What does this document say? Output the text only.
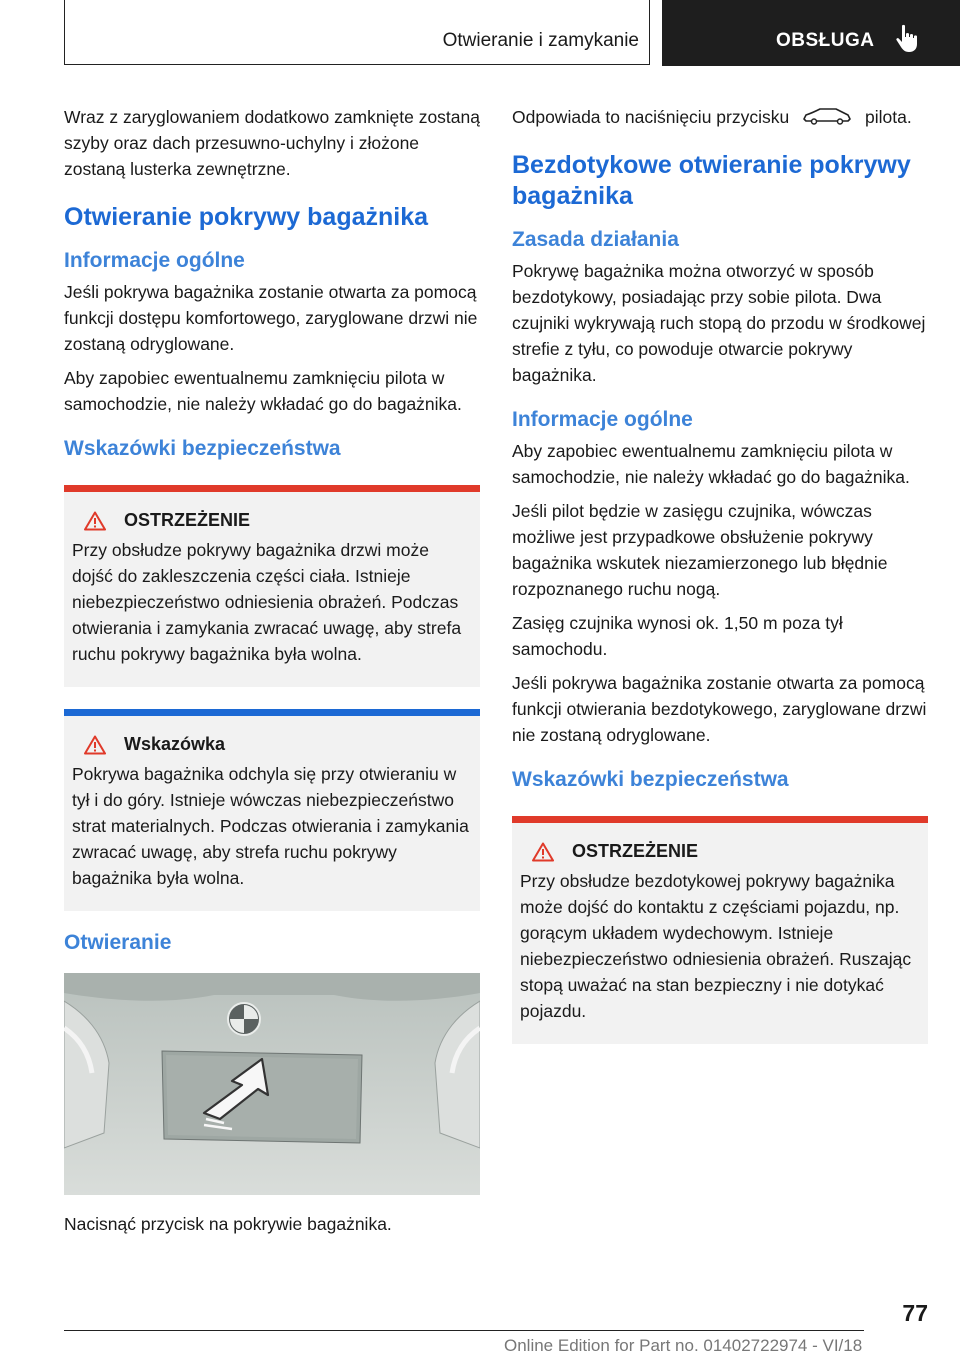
Otwieranie i zamykanie	OBSŁUGA

Wraz z zaryglowaniem dodatkowo zamknięte zostaną szyby oraz dach przesuwno-uchylny i złożone zostaną lusterka zewnętrzne.

Otwieranie pokrywy bagażnika
Informacje ogólne

Jeśli pokrywa bagażnika zostanie otwarta za pomocą funkcji dostępu komfortowego, zaryglowane drzwi nie zostaną odryglowane.

Aby zapobiec ewentualnemu zamknięciu pilota w samochodzie, nie należy wkładać go do bagażnika.

Wskazówki bezpieczeństwa
OSTRZEŻENIE

Przy obsłudze pokrywy bagażnika drzwi może dojść do zakleszczenia części ciała. Istnieje niebezpieczeństwo odniesienia obrażeń. Podczas otwierania i zamykania zwracać uwagę, aby strefa ruchu pokrywy bagażnika była wolna.

Wskazówka

Pokrywa bagażnika odchyla się przy otwieraniu w tył i do góry. Istnieje wówczas niebezpieczeństwo strat materialnych. Podczas otwierania i zamykania zwracać uwagę, aby strefa ruchu pokrywy bagażnika była wolna.

Otwieranie

Nacisnąć przycisk na pokrywie bagażnika.

Odpowiada to naciśnięciu przycisku	pilota.

Bezdotykowe otwieranie pokrywy bagażnika
Zasada działania

Pokrywę bagażnika można otworzyć w sposób bezdotykowy, posiadając przy sobie pilota. Dwa czujniki wykrywają ruch stopą do przodu w środkowej strefie z tyłu, co powoduje otwarcie pokrywy bagażnika.

Informacje ogólne

Aby zapobiec ewentualnemu zamknięciu pilota w samochodzie, nie należy wkładać go do bagażnika.

Jeśli pilot będzie w zasięgu czujnika, wówczas możliwe jest przypadkowe obsłużenie pokrywy bagażnika wskutek niezamierzonego lub błędnie rozpoznanego ruchu nogą.

Zasięg czujnika wynosi ok. 1,50 m poza tył samochodu.

Jeśli pokrywa bagażnika zostanie otwarta za pomocą funkcji otwierania bezdotykowego, zaryglowane drzwi nie zostaną odryglowane.

Wskazówki bezpieczeństwa
OSTRZEŻENIE

Przy obsłudze bezdotykowej pokrywy bagażnika może dojść do kontaktu z częściami pojazdu, np. gorącym układem wydechowym. Istnieje niebezpieczeństwo odniesienia obrażeń. Ruszając stopą uważać na stan bezpieczny i nie dotykać pojazdu.

77
Online Edition for Part no. 01402722974 - VI/18
